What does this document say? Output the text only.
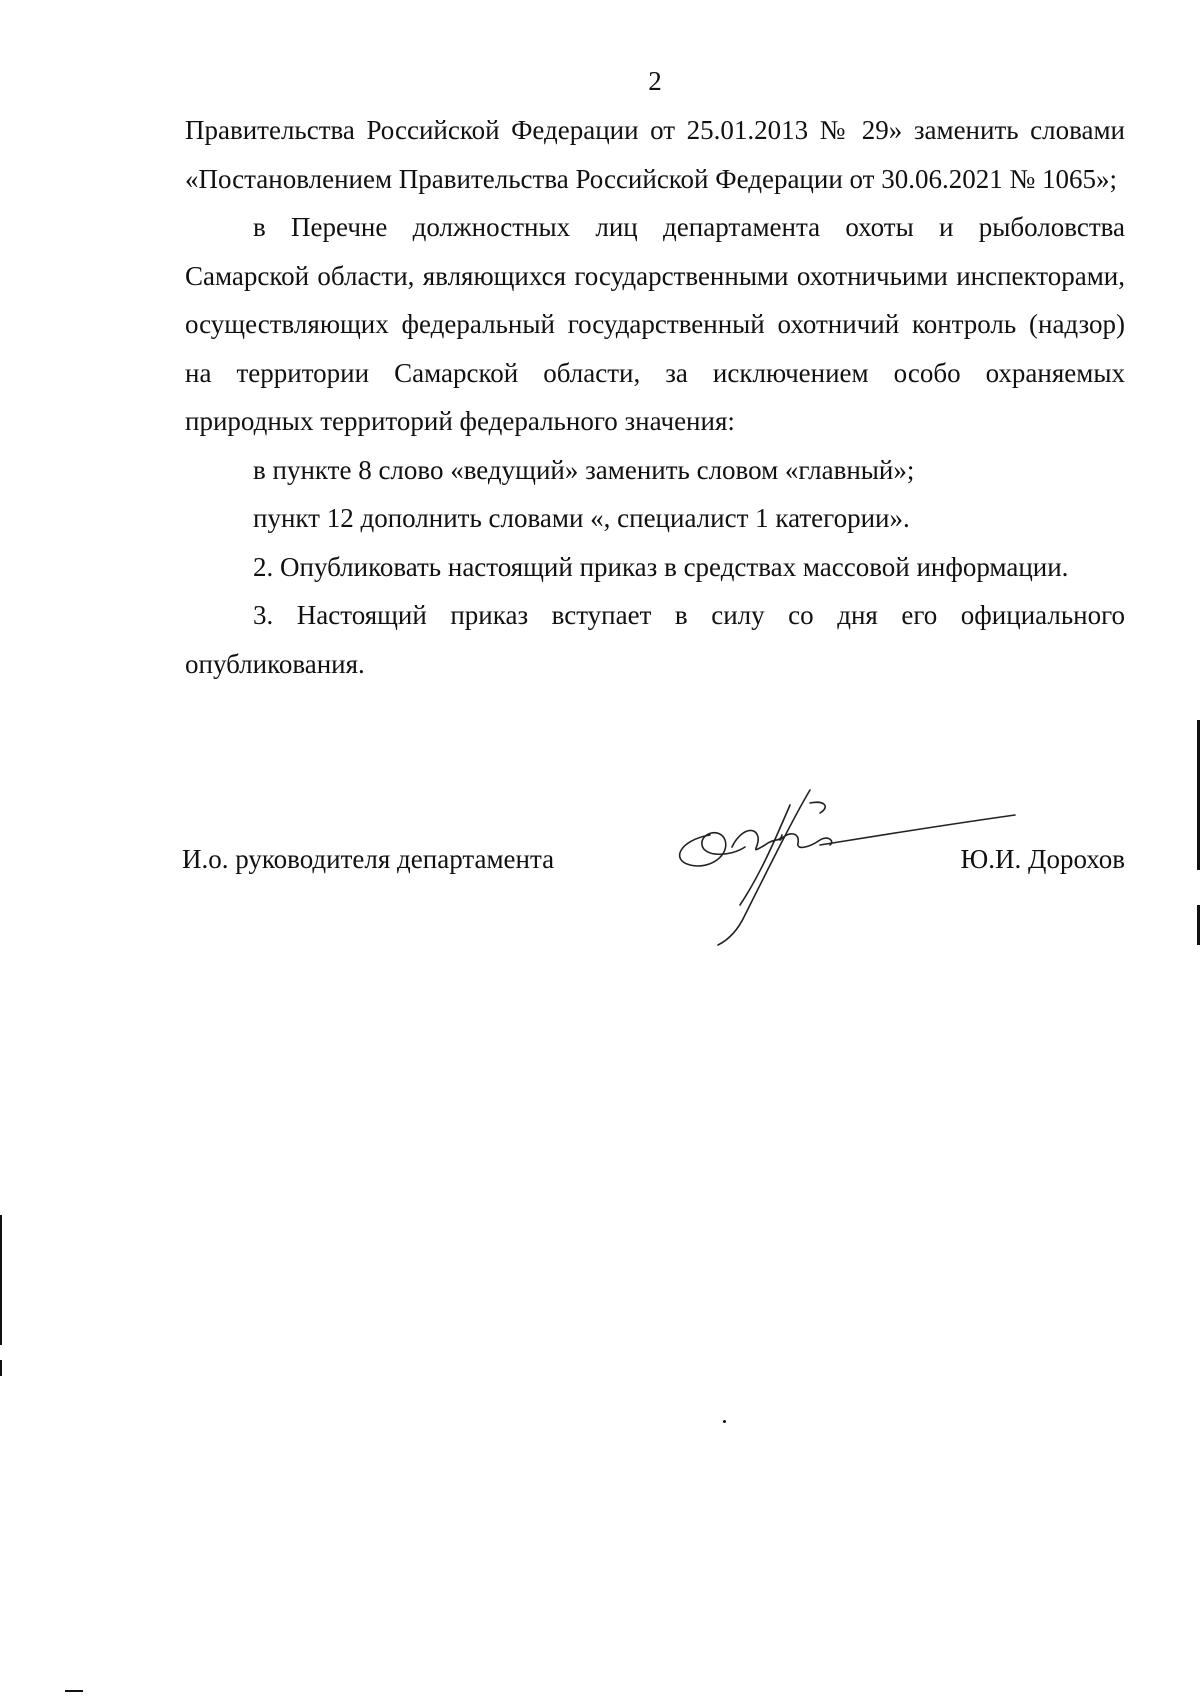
2

Правительства Российской Федерации от 25.01.2013 № 29» заменить словами «Постановлением Правительства Российской Федерации от 30.06.2021 № 1065»;

в Перечне должностных лиц департамента охоты и рыболовства Самарской области, являющихся государственными охотничьими инспекторами, осуществляющих федеральный государственный охотничий контроль (надзор) на территории Самарской области, за исключением особо охраняемых природных территорий федерального значения:

в пункте 8 слово «ведущий» заменить словом «главный»;

пункт 12 дополнить словами «, специалист 1 категории».

2. Опубликовать настоящий приказ в средствах массовой информации.

3. Настоящий приказ вступает в силу со дня его официального опубликования.

И.о. руководителя департамента	Ю.И. Дорохов
